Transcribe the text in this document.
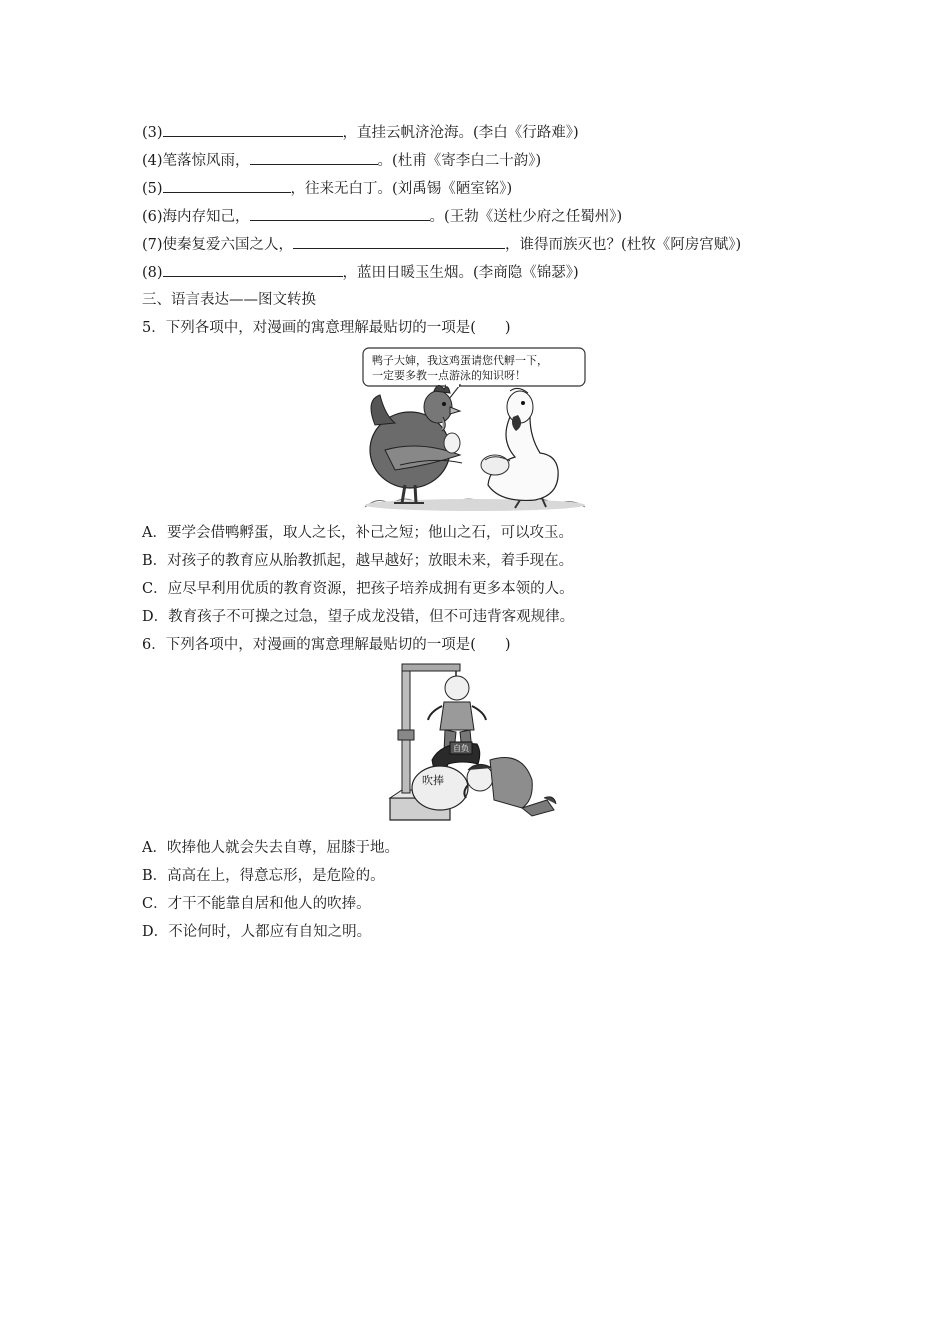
(3)	，直挂云帆济沧海。(李白《行路难》)
(4)笔落惊风雨，	。(杜甫《寄李白二十韵》)
(5)	，往来无白丁。(刘禹锡《陋室铭》)
(6)海内存知己，	。(王勃《送杜少府之任蜀州》)
(7)使秦复爱六国之人，	，谁得而族灭也？(杜牧《阿房宫赋》)
(8)	，蓝田日暖玉生烟。(李商隐《锦瑟》)
三、语言表达——图文转换
5．下列各项中，对漫画的寓意理解最贴切的一项是(　　)
鸭子大婶，我这鸡蛋请您代孵一下，
一定要多教一点游泳的知识呀！
A．要学会借鸭孵蛋，取人之长，补己之短；他山之石，可以攻玉。
B．对孩子的教育应从胎教抓起，越早越好；放眼未来，着手现在。
C．应尽早利用优质的教育资源，把孩子培养成拥有更多本领的人。
D．教育孩子不可操之过急，望子成龙没错，但不可违背客观规律。
6．下列各项中，对漫画的寓意理解最贴切的一项是(　　)
自负
吹捧
A．吹捧他人就会失去自尊，屈膝于地。
B．高高在上，得意忘形，是危险的。
C．才干不能靠自居和他人的吹捧。
D．不论何时，人都应有自知之明。
